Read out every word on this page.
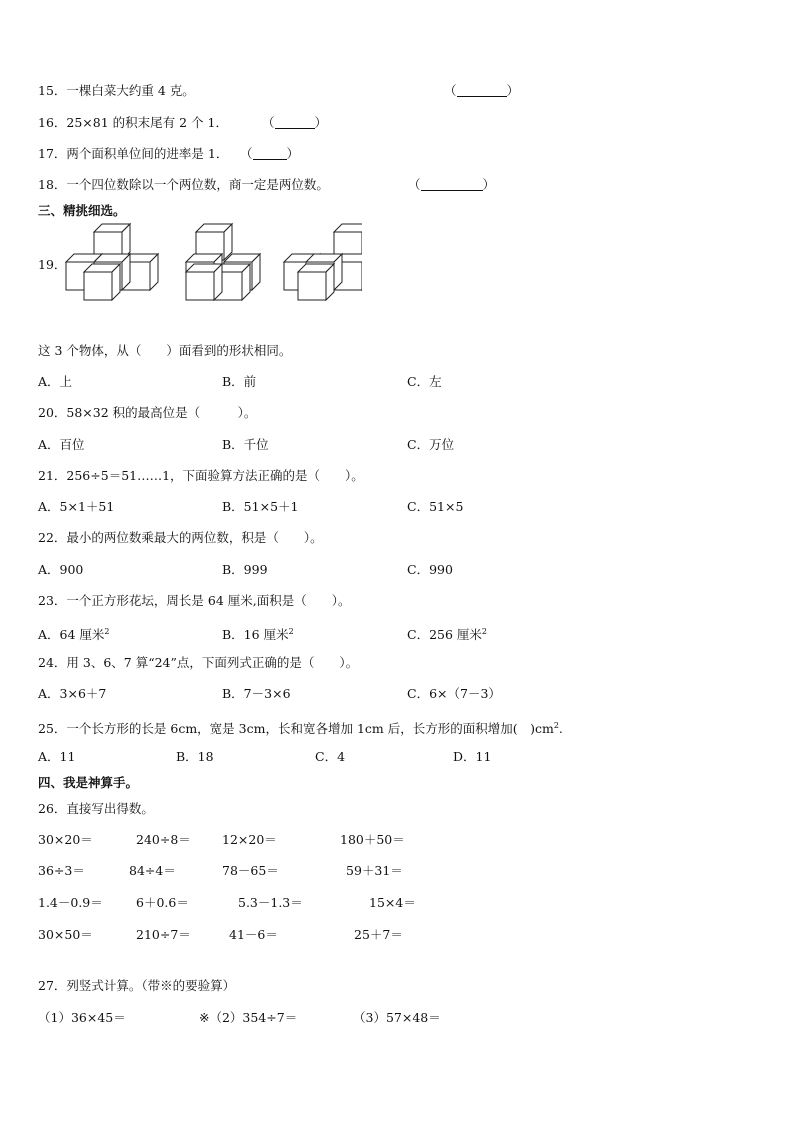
15．一棵白菜大约重 4 克。	（	）
16．25×81 的积末尾有 2 个 1．	（	）
17．两个面积单位间的进率是 1． （	）
18．一个四位数除以一个两位数，商一定是两位数。	（	）
三、精挑细选。
19．
这 3 个物体，从（　　）面看到的形状相同。
A．上	B．前	C．左
20．58×32 积的最高位是（　　　）。
A．百位	B．千位	C．万位
21．256÷5＝51……1，下面验算方法正确的是（　　）。
A．5×1＋51	B．51×5＋1	C．51×5
22．最小的两位数乘最大的两位数，积是（　　）。
A．900	B．999	C．990
23．一个正方形花坛，周长是 64 厘米,面积是（　　）。
A．64 厘米$^2$	B．16 厘米$^2$	C．256 厘米$^2$
24．用 3、6、7 算“24”点，下面列式正确的是（　　）。
A．3×6＋7	B．7－3×6	C．6×（7－3）
25．一个长方形的长是 6cm，宽是 3cm，长和宽各增加 1cm 后，长方形的面积增加(　)$cm^2$.
A．11	B．18	C．4	D．11
四、我是神算手。
26．直接写出得数。
30×20＝	240÷8＝ 12×20＝	180＋50＝
36÷3＝	84÷4＝	78－65＝	59＋31＝
1.4－0.9＝	6＋0.6＝	5.3－1.3＝	15×4＝
30×50＝	210÷7＝	41－6＝	25＋7＝
27．列竖式计算。（带※的要验算）
（1）36×45＝	※（2）354÷7＝	（3）57×48＝
